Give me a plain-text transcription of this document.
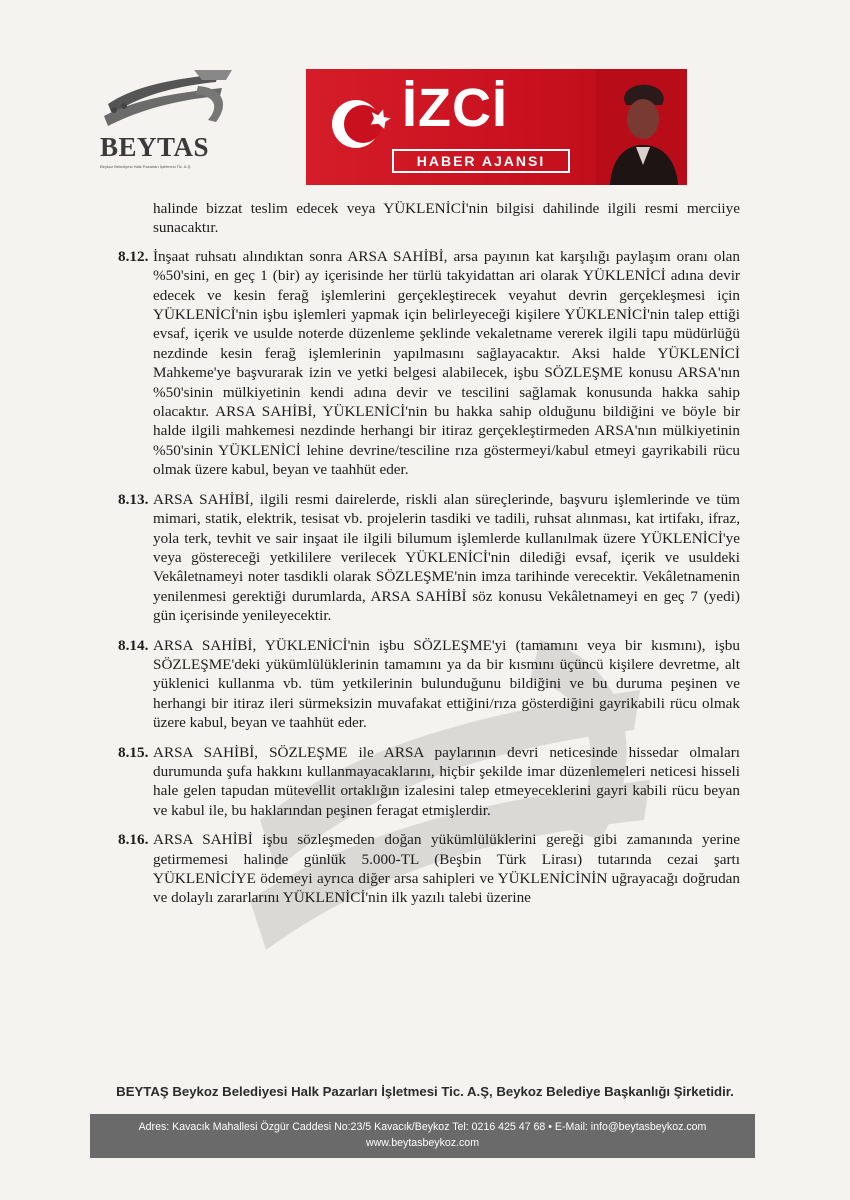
BEYTAS
Beykoz Belediyesi Halk Pazarları İşletmesi Tic. A.Ş.
İZCİ
HABER AJANSI

halinde bizzat teslim edecek veya YÜKLENİCİ'nin bilgisi dahilinde ilgili resmi merciiye sunacaktır.

8.12. İnşaat ruhsatı alındıktan sonra ARSA SAHİBİ, arsa payının kat karşılığı paylaşım oranı olan %50'sini, en geç 1 (bir) ay içerisinde her türlü takyidattan ari olarak YÜKLENİCİ adına devir edecek ve kesin ferağ işlemlerini gerçekleştirecek veyahut devrin gerçekleşmesi için YÜKLENİCİ'nin işbu işlemleri yapmak için belirleyeceği kişilere YÜKLENİCİ'nin talep ettiği evsaf, içerik ve usulde noterde düzenleme şeklinde vekaletname vererek ilgili tapu müdürlüğü nezdinde kesin ferağ işlemlerinin yapılmasını sağlayacaktır. Aksi halde YÜKLENİCİ Mahkeme'ye başvurarak izin ve yetki belgesi alabilecek, işbu SÖZLEŞME konusu ARSA'nın %50'sinin mülkiyetinin kendi adına devir ve tescilini sağlamak konusunda hakka sahip olacaktır. ARSA SAHİBİ, YÜKLENİCİ'nin bu hakka sahip olduğunu bildiğini ve böyle bir halde ilgili mahkemesi nezdinde herhangi bir itiraz gerçekleştirmeden ARSA'nın mülkiyetinin %50'sinin YÜKLENİCİ lehine devrine/tesciline rıza göstermeyi/kabul etmeyi gayrikabili rücu olmak üzere kabul, beyan ve taahhüt eder.
8.13. ARSA SAHİBİ, ilgili resmi dairelerde, riskli alan süreçlerinde, başvuru işlemlerinde ve tüm mimari, statik, elektrik, tesisat vb. projelerin tasdiki ve tadili, ruhsat alınması, kat irtifakı, ifraz, yola terk, tevhit ve sair inşaat ile ilgili bilumum işlemlerde kullanılmak üzere YÜKLENİCİ'ye veya göstereceği yetkililere verilecek YÜKLENİCİ'nin dilediği evsaf, içerik ve usuldeki Vekâletnameyi noter tasdikli olarak SÖZLEŞME'nin imza tarihinde verecektir. Vekâletnamenin yenilenmesi gerektiği durumlarda, ARSA SAHİBİ söz konusu Vekâletnameyi en geç 7 (yedi) gün içerisinde yenileyecektir.
8.14. ARSA SAHİBİ, YÜKLENİCİ'nin işbu SÖZLEŞME'yi (tamamını veya bir kısmını), işbu SÖZLEŞME'deki yükümlülüklerinin tamamını ya da bir kısmını üçüncü kişilere devretme, alt yüklenici kullanma vb. tüm yetkilerinin bulunduğunu bildiğini ve bu duruma peşinen ve herhangi bir itiraz ileri sürmeksizin muvafakat ettiğini/rıza gösterdiğini gayrikabili rücu olmak üzere kabul, beyan ve taahhüt eder.
8.15. ARSA SAHİBİ, SÖZLEŞME ile ARSA paylarının devri neticesinde hissedar olmaları durumunda şufa hakkını kullanmayacaklarını, hiçbir şekilde imar düzenlemeleri neticesi hisseli hale gelen tapudan mütevellit ortaklığın izalesini talep etmeyeceklerini gayri kabili rücu beyan ve kabul ile, bu haklarından peşinen feragat etmişlerdir.
8.16. ARSA SAHİBİ işbu sözleşmeden doğan yükümlülüklerini gereği gibi zamanında yerine getirmemesi halinde günlük 5.000-TL (Beşbin Türk Lirası) tutarında cezai şartı YÜKLENİCİYE ödemeyi ayrıca diğer arsa sahipleri ve YÜKLENİCİNİN uğrayacağı doğrudan ve dolaylı zararlarını YÜKLENİCİ'nin ilk yazılı talebi üzerine
BEYTAŞ Beykoz Belediyesi Halk Pazarları İşletmesi Tic. A.Ş, Beykoz Belediye Başkanlığı Şirketidir.
Adres: Kavacık Mahallesi Özgür Caddesi No:23/5 Kavacık/Beykoz Tel: 0216 425 47 68 • E-Mail: info@beytasbeykoz.com
www.beytasbeykoz.com
